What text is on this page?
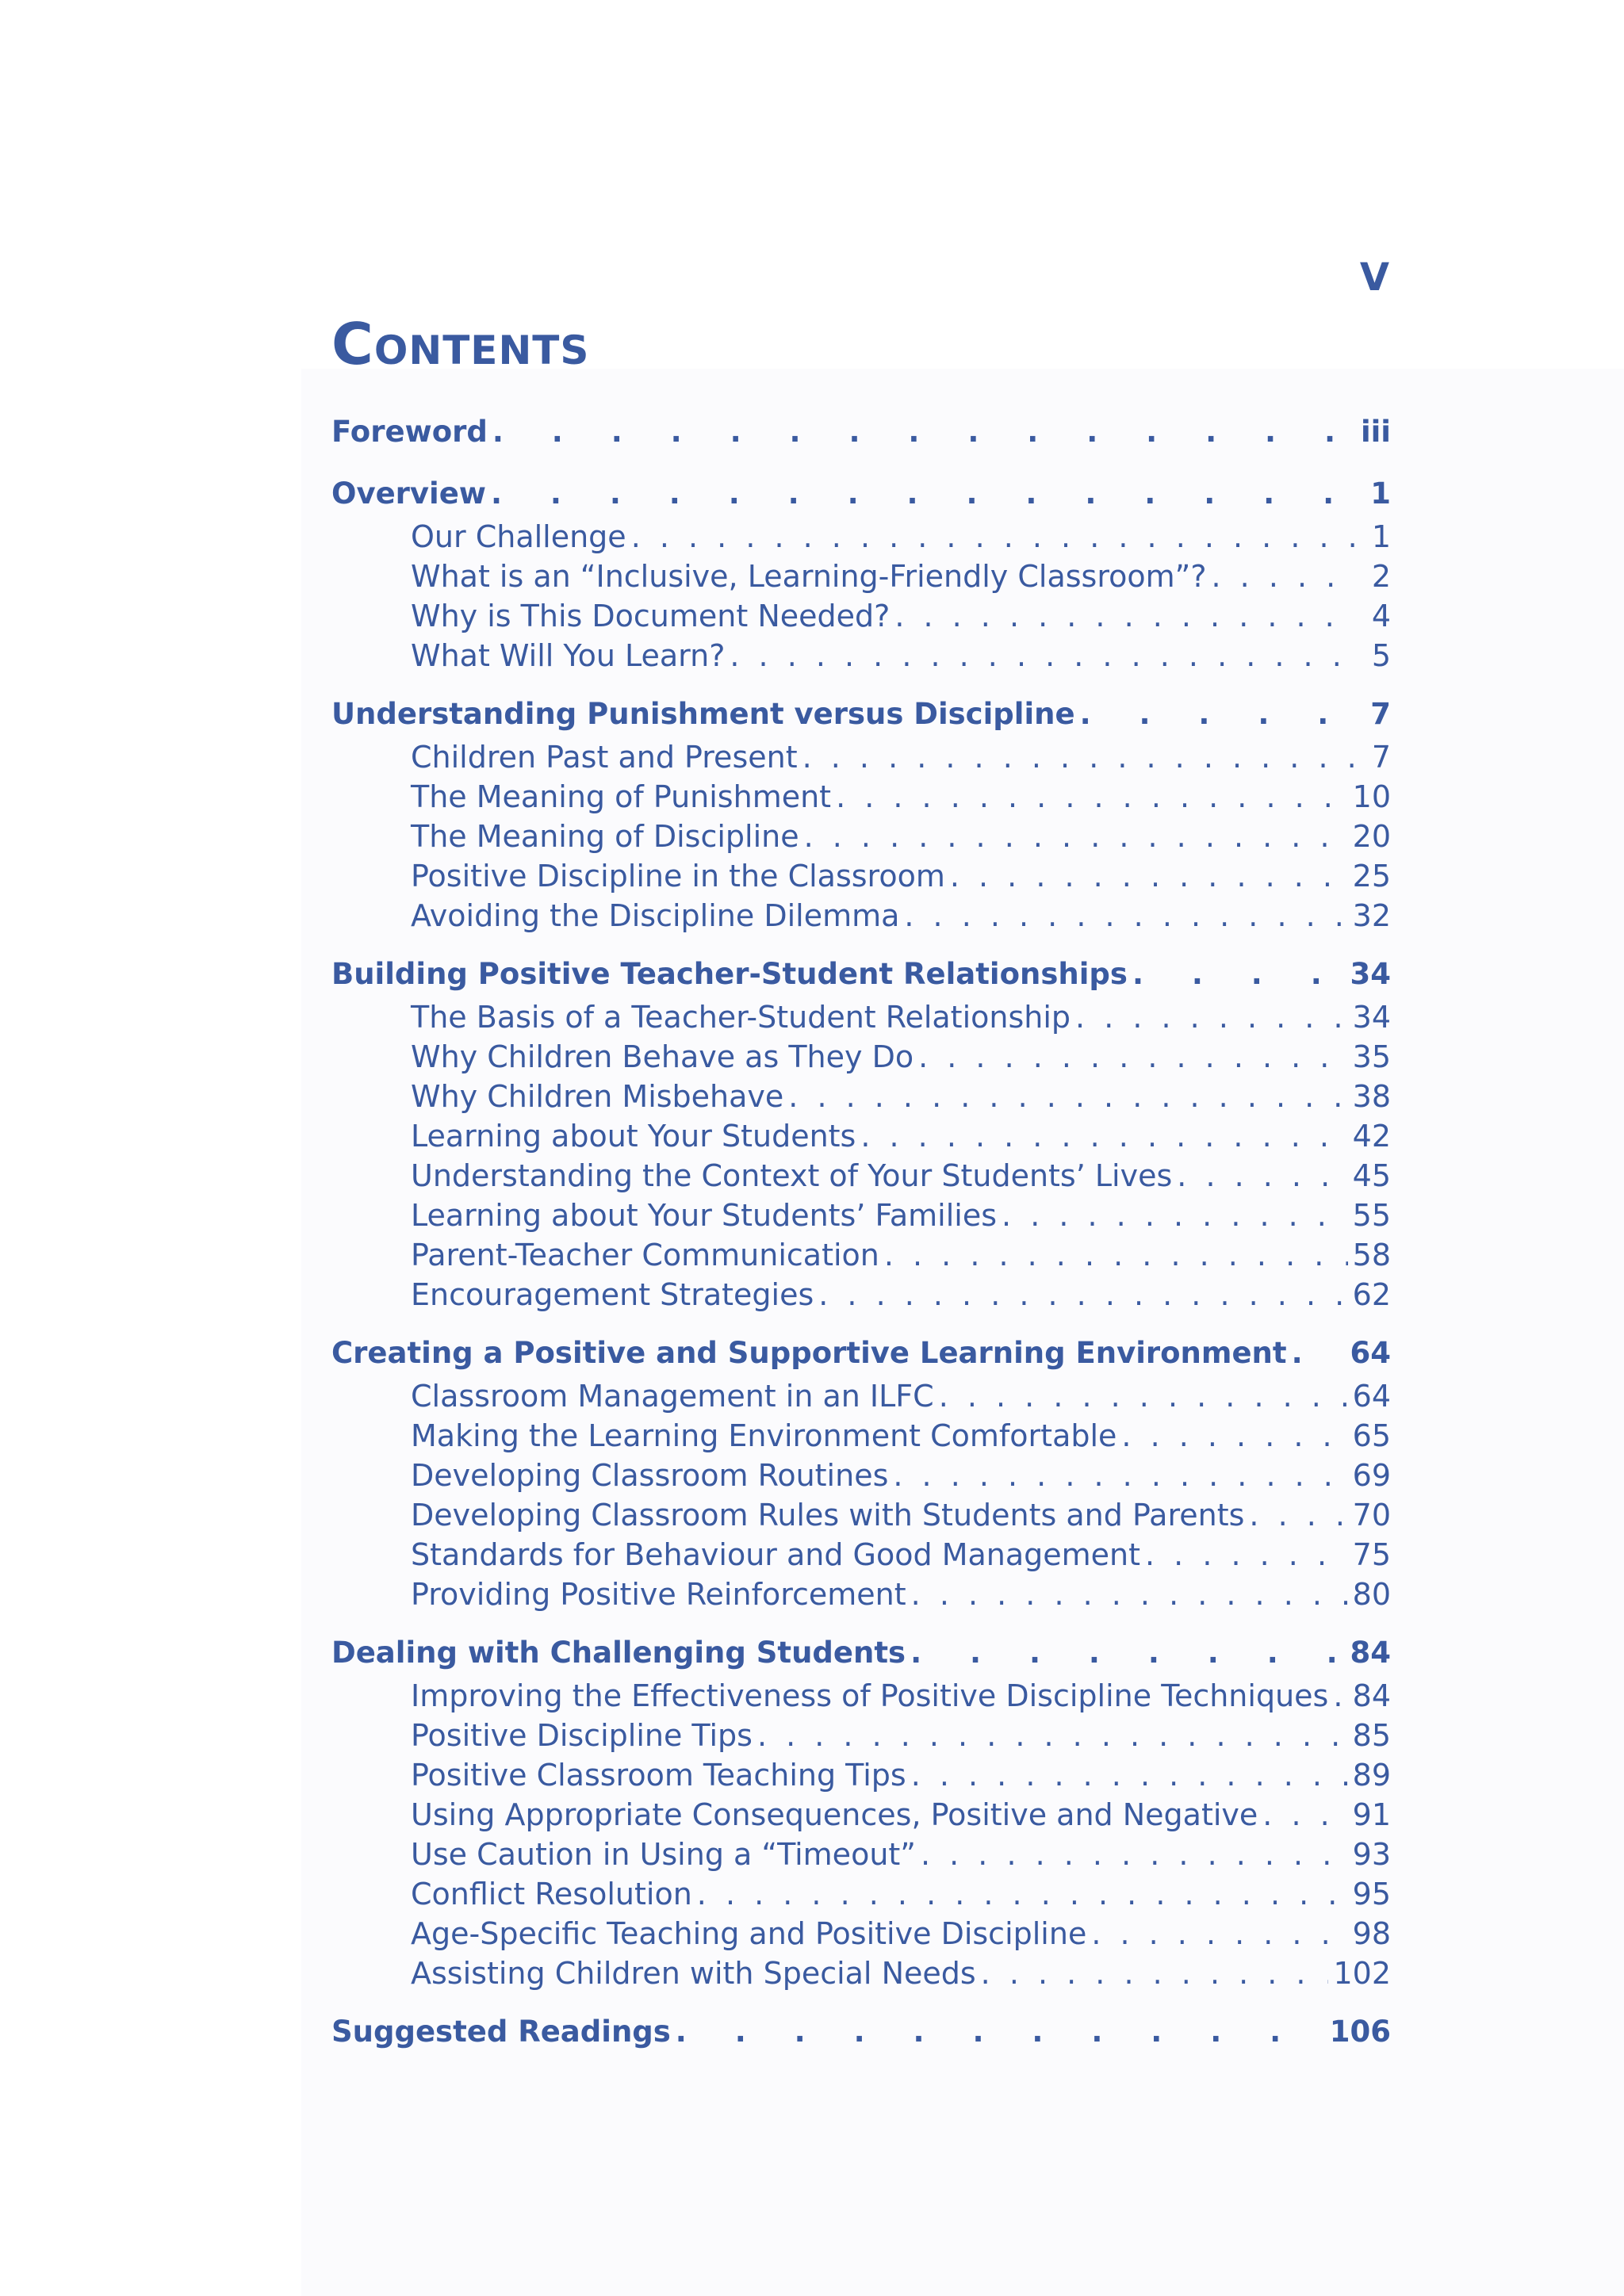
V
Contents
Foreword . . .	iii
Overview . . .	1
Our Challenge . . .	1
What is an “Inclusive, Learning-Friendly Classroom”? . . .	2
Why is This Document Needed? . . .	4
What Will You Learn? . . .	5
Understanding Punishment versus Discipline . . .	7
Children Past and Present . . .	7
The Meaning of Punishment . . .	10
The Meaning of Discipline . . .	20
Positive Discipline in the Classroom . . .	25
Avoiding the Discipline Dilemma . . .	32
Building Positive Teacher-Student Relationships . . .	34
The Basis of a Teacher-Student Relationship . . .	34
Why Children Behave as They Do . . .	35
Why Children Misbehave . . .	38
Learning about Your Students . . .	42
Understanding the Context of Your Students’ Lives . . .	45
Learning about Your Students’ Families . . .	55
Parent-Teacher Communication . . .	58
Encouragement Strategies . . .	62
Creating a Positive and Supportive Learning Environment . . . 64
Classroom Management in an ILFC . . .	64
Making the Learning Environment Comfortable . . .	65
Developing Classroom Routines . . .	69
Developing Classroom Rules with Students and Parents . . .	70
Standards for Behaviour and Good Management . . .	75
Providing Positive Reinforcement . . .	80
Dealing with Challenging Students . . .	84
Improving the Effectiveness of Positive Discipline Techniques . . . 84
Positive Discipline Tips . . .	85
Positive Classroom Teaching Tips . . .	89
Using Appropriate Consequences, Positive and Negative . . .	91
Use Caution in Using a “Timeout” . . .	93
Conflict Resolution . . .	95
Age-Specific Teaching and Positive Discipline . . .	98
Assisting Children with Special Needs . . .	102
Suggested Readings . . .	106
